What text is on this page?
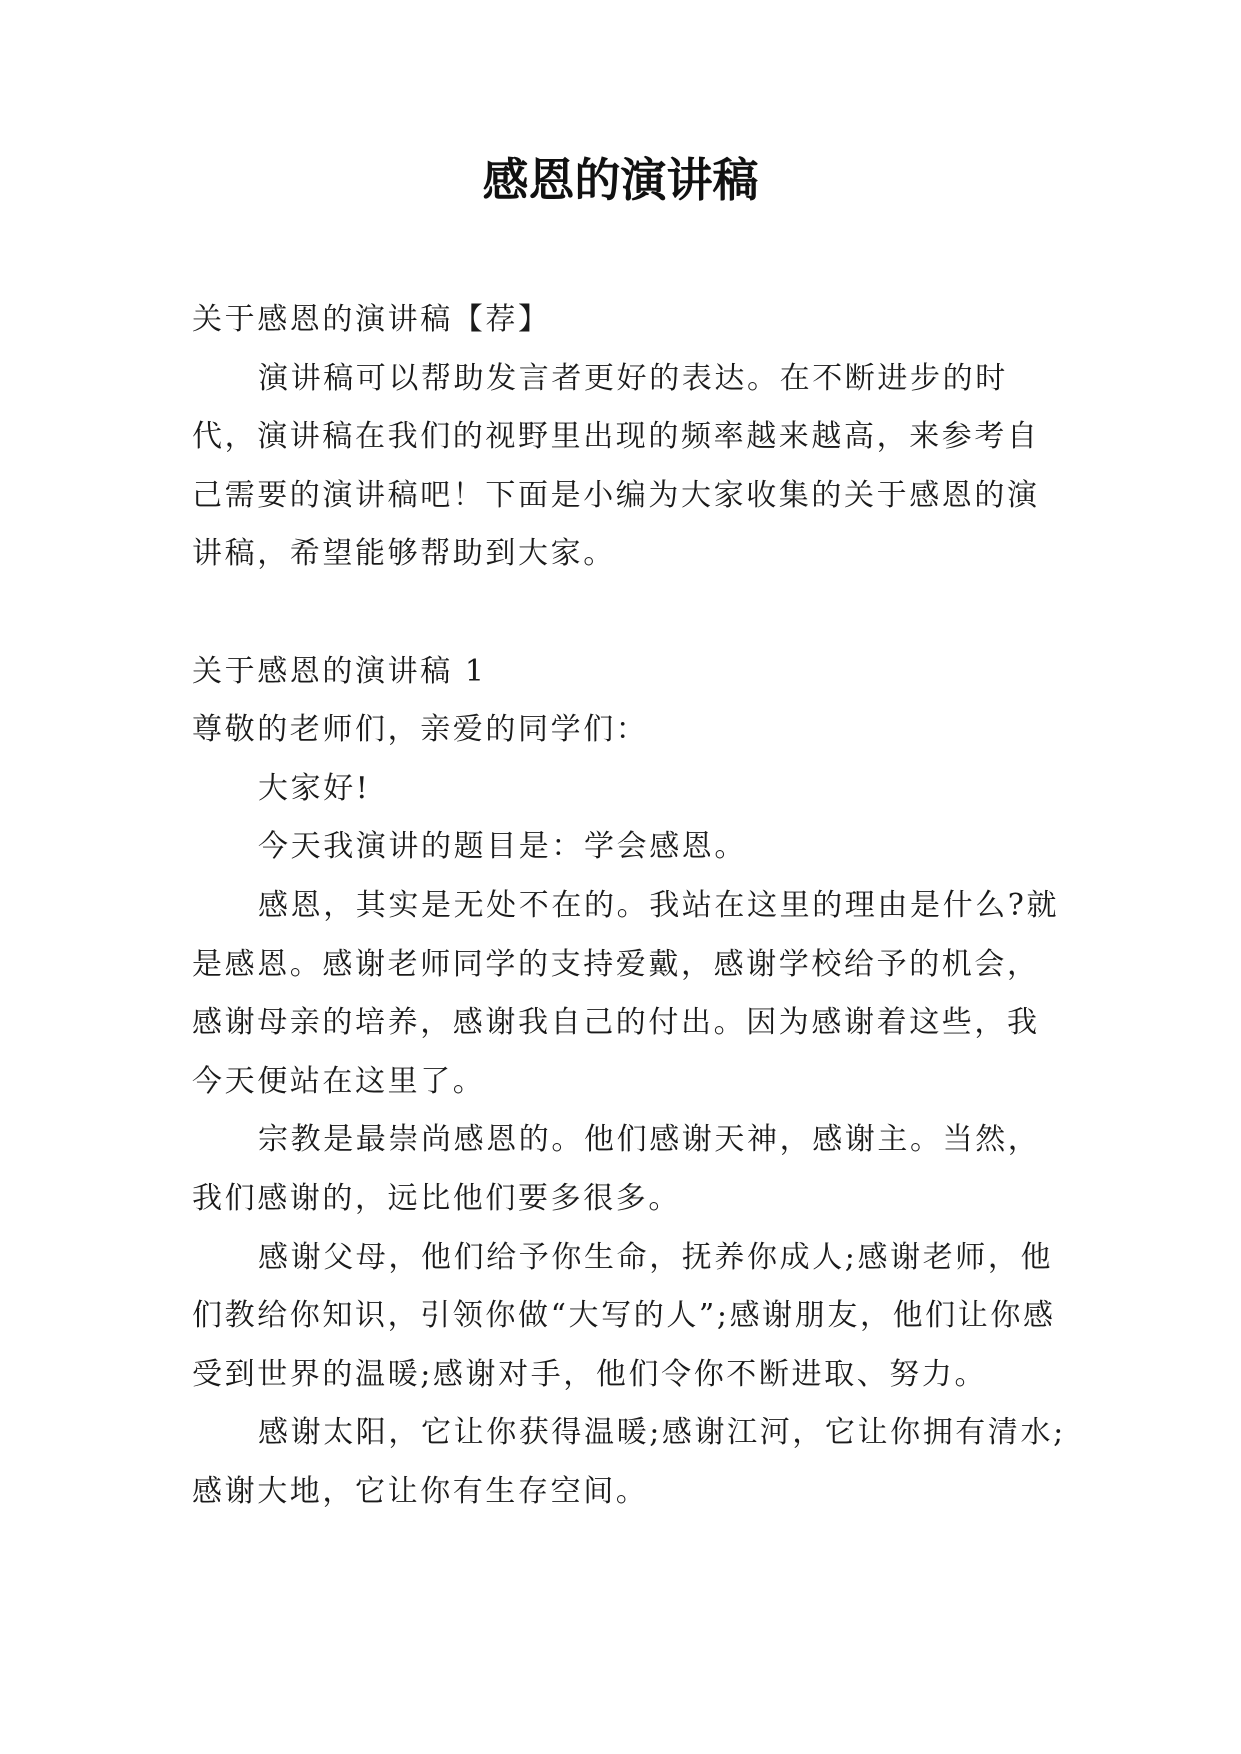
感恩的演讲稿

关于感恩的演讲稿【荐】

演讲稿可以帮助发言者更好的表达。在不断进步的时代，演讲稿在我们的视野里出现的频率越来越高，来参考自己需要的演讲稿吧！下面是小编为大家收集的关于感恩的演讲稿，希望能够帮助到大家。

关于感恩的演讲稿 1

尊敬的老师们，亲爱的同学们：

大家好!

今天我演讲的题目是：学会感恩。

感恩，其实是无处不在的。我站在这里的理由是什么?就是感恩。感谢老师同学的支持爱戴，感谢学校给予的机会，感谢母亲的培养，感谢我自己的付出。因为感谢着这些，我今天便站在这里了。

宗教是最崇尚感恩的。他们感谢天神，感谢主。当然，我们感谢的，远比他们要多很多。

感谢父母，他们给予你生命，抚养你成人;感谢老师，他们教给你知识，引领你做“大写的人”;感谢朋友，他们让你感受到世界的温暖;感谢对手，他们令你不断进取、努力。

感谢太阳，它让你获得温暖;感谢江河，它让你拥有清水;感谢大地，它让你有生存空间。
